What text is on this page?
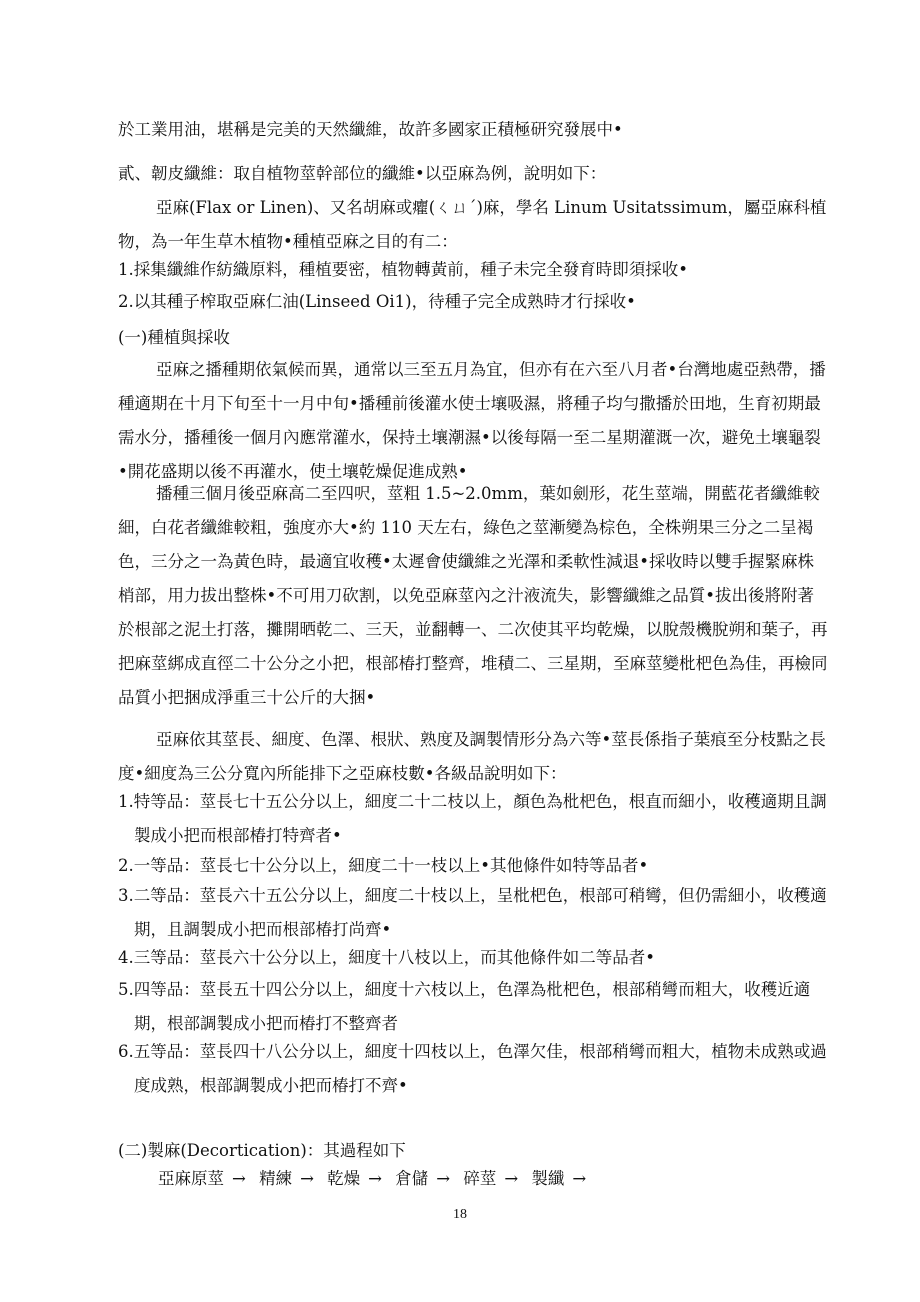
於工業用油，堪稱是完美的天然纖維，故許多國家正積極研究發展中•

貳、韌皮纖維：取自植物莖幹部位的纖維•以亞麻為例，說明如下：

亞麻(Flax or Linen)、又名胡麻或癯(ㄑㄩˊ)麻，學名 Linum Usitatssimum，屬亞麻科植物，為一年生草木植物•種植亞麻之目的有二：

1.採集纖維作紡織原料，種植要密，植物轉黃前，種子未完全發育時即須採收•

2.以其種子榨取亞麻仁油(Linseed Oi1)，待種子完全成熟時才行採收•

(一)種植與採收

亞麻之播種期依氣候而異，通常以三至五月為宜，但亦有在六至八月者•台灣地處亞熱帶，播種適期在十月下旬至十一月中旬•播種前後灌水使士壤吸濕，將種子均勻撒播於田地，生育初期最需水分，播種後一個月內應常灌水，保持土壤潮濕•以後每隔一至二星期灌溉一次，避免土壤龜裂•開花盛期以後不再灌水，使土壤乾燥促進成熟•

播種三個月後亞麻高二至四呎，莖粗 1.5~2.0mm，葉如劍形，花生莖端，開藍花者纖維較細，白花者纖維較粗，強度亦大•約 110 天左右，綠色之莖漸變為棕色，全株朔果三分之二呈褐色，三分之一為黃色時，最適宜收穫•太遲會使纖維之光澤和柔軟性減退•採收時以雙手握緊麻株梢部，用力拔出整株•不可用刀砍割，以免亞麻莖內之汁液流失，影響纖維之品質•拔出後將附著於根部之泥土打落，攤開晒乾二、三天，並翻轉一、二次使其平均乾燥，以脫殼機脫朔和葉子，再把麻莖綁成直徑二十公分之小把，根部椿打整齊，堆積二、三星期，至麻莖變枇杷色為佳，再檢同品質小把捆成淨重三十公斤的大捆•

亞麻依其莖長、細度、色澤、根狀、熟度及調製情形分為六等•莖長係指子葉痕至分枝點之長度•細度為三公分寬內所能排下之亞麻枝數•各級品說明如下：

1.特等品：莖長七十五公分以上，細度二十二枝以上，顏色為枇杷色，根直而細小，收穫適期且調製成小把而根部椿打特齊者•

2.一等品：莖長七十公分以上，細度二十一枝以上•其他條件如特等品者•

3.二等品：莖長六十五公分以上，細度二十枝以上，呈枇杷色，根部可稍彎，但仍需細小，收穫適期，且調製成小把而根部椿打尚齊•

4.三等品：莖長六十公分以上，細度十八枝以上，而其他條件如二等品者•

5.四等品：莖長五十四公分以上，細度十六枝以上，色澤為枇杷色，根部稍彎而粗大，收穫近適期，根部調製成小把而椿打不整齊者

6.五等品：莖長四十八公分以上，細度十四枝以上，色澤欠佳，根部稍彎而粗大，植物未成熟或過度成熟，根部調製成小把而椿打不齊•

(二)製麻(Decortication)：其過程如下

亞麻原莖 → 精練 → 乾燥 → 倉儲 → 碎莖 → 製纖 →
18
